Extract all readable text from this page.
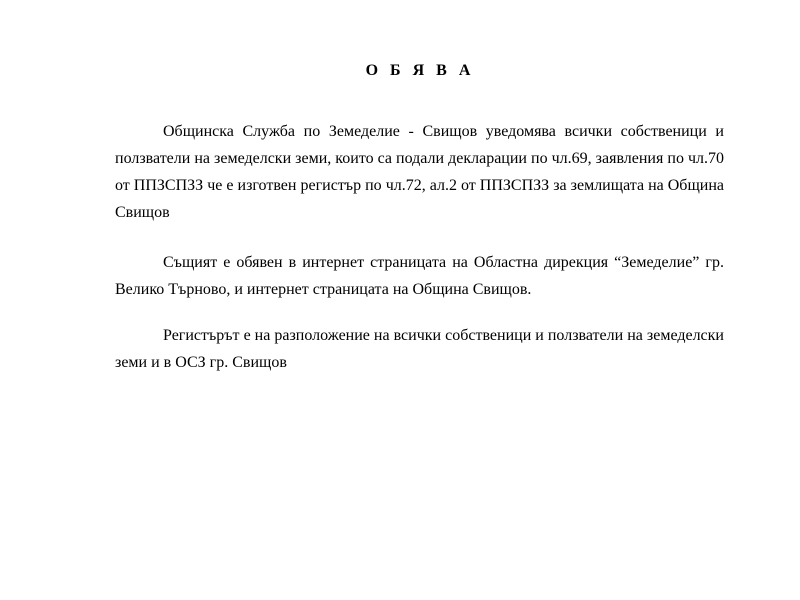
О Б Я В А

Общинска Служба по Земеделие - Свищов уведомява всички собственици и ползватели на земеделски земи, които са подали декларации по чл.69, заявления по чл.70 от ППЗСПЗЗ че е изготвен регистър по чл.72, ал.2 от ППЗСПЗЗ за землищата на Община Свищов

Същият е обявен в интернет страницата на Областна дирекция “Земеделие” гр. Велико Търново, и интернет страницата на Община Свищов.

Регистърът е на разположение на всички собственици и ползватели на земеделски земи и в ОСЗ гр. Свищов
